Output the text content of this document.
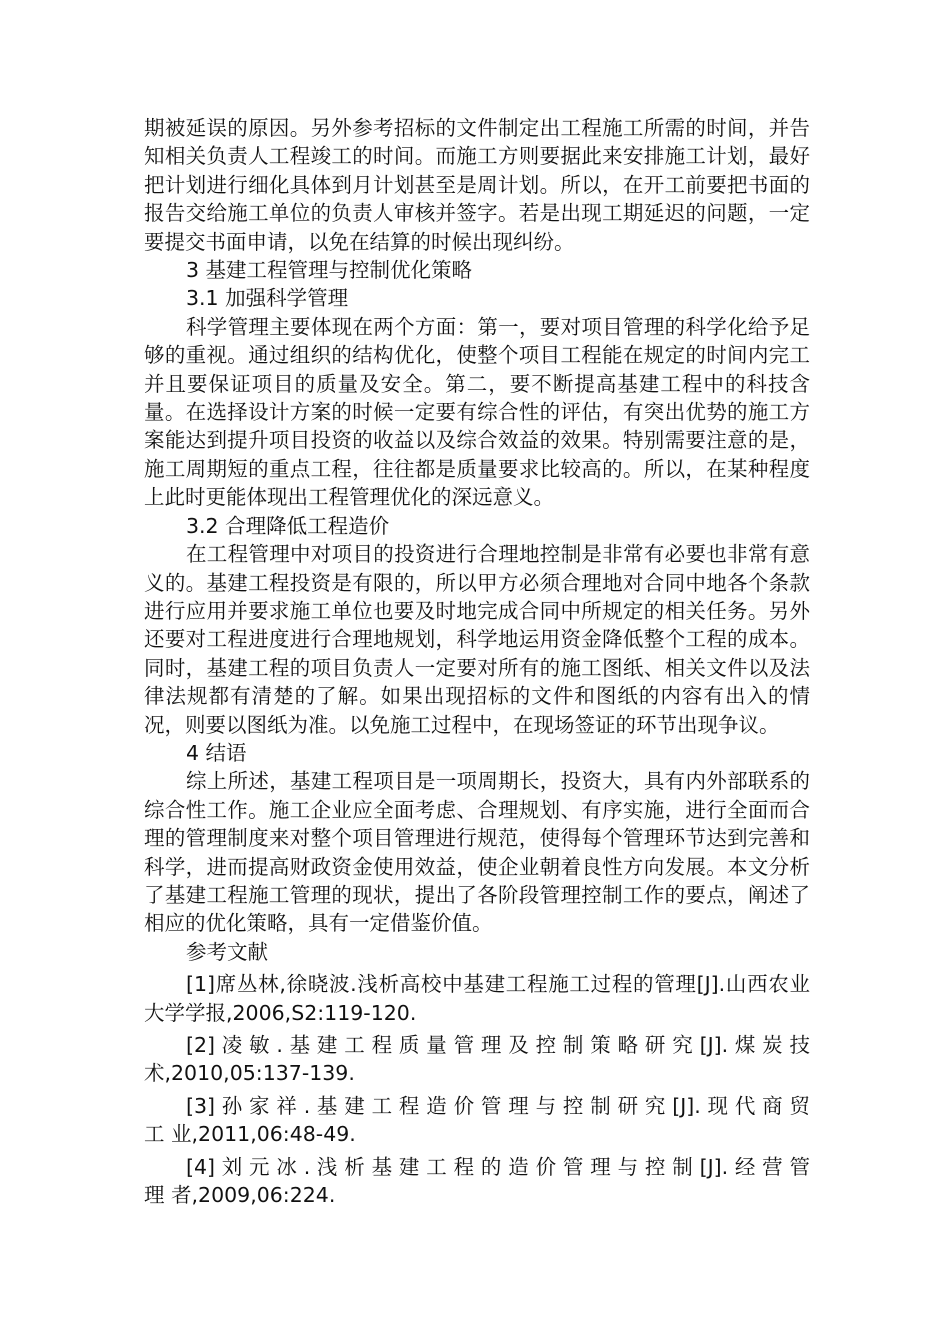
期被延误的原因。另外参考招标的文件制定出工程施工所需的时间，并告知相关负责人工程竣工的时间。而施工方则要据此来安排施工计划，最好把计划进行细化具体到月计划甚至是周计划。所以，在开工前要把书面的报告交给施工单位的负责人审核并签字。若是出现工期延迟的问题，一定要提交书面申请，以免在结算的时候出现纠纷。

3 基建工程管理与控制优化策略

3.1 加强科学管理

科学管理主要体现在两个方面：第一，要对项目管理的科学化给予足够的重视。通过组织的结构优化，使整个项目工程能在规定的时间内完工并且要保证项目的质量及安全。第二，要不断提高基建工程中的科技含量。在选择设计方案的时候一定要有综合性的评估，有突出优势的施工方案能达到提升项目投资的收益以及综合效益的效果。特别需要注意的是，施工周期短的重点工程，往往都是质量要求比较高的。所以，在某种程度上此时更能体现出工程管理优化的深远意义。

3.2 合理降低工程造价

在工程管理中对项目的投资进行合理地控制是非常有必要也非常有意义的。基建工程投资是有限的，所以甲方必须合理地对合同中地各个条款进行应用并要求施工单位也要及时地完成合同中所规定的相关任务。另外还要对工程进度进行合理地规划，科学地运用资金降低整个工程的成本。同时，基建工程的项目负责人一定要对所有的施工图纸、相关文件以及法律法规都有清楚的了解。如果出现招标的文件和图纸的内容有出入的情况，则要以图纸为准。以免施工过程中，在现场签证的环节出现争议。

4 结语

综上所述，基建工程项目是一项周期长，投资大，具有内外部联系的综合性工作。施工企业应全面考虑、合理规划、有序实施，进行全面而合理的管理制度来对整个项目管理进行规范，使得每个管理环节达到完善和科学，进而提高财政资金使用效益，使企业朝着良性方向发展。本文分析了基建工程施工管理的现状，提出了各阶段管理控制工作的要点，阐述了相应的优化策略，具有一定借鉴价值。

参考文献

[1]席丛林,徐晓波.浅析高校中基建工程施工过程的管理[J].山西农业大学学报,2006,S2:119-120.

[2] 凌 敏 . 基 建 工 程 质 量 管 理 及 控 制 策 略 研 究 [J]. 煤 炭 技 术,2010,05:137-139.

[3] 孙 家 祥 . 基 建 工 程 造 价 管 理 与 控 制 研 究 [J]. 现 代 商 贸 工 业,2011,06:48-49.

[4] 刘 元 冰 . 浅 析 基 建 工 程 的 造 价 管 理 与 控 制 [J]. 经 营 管 理 者,2009,06:224.
